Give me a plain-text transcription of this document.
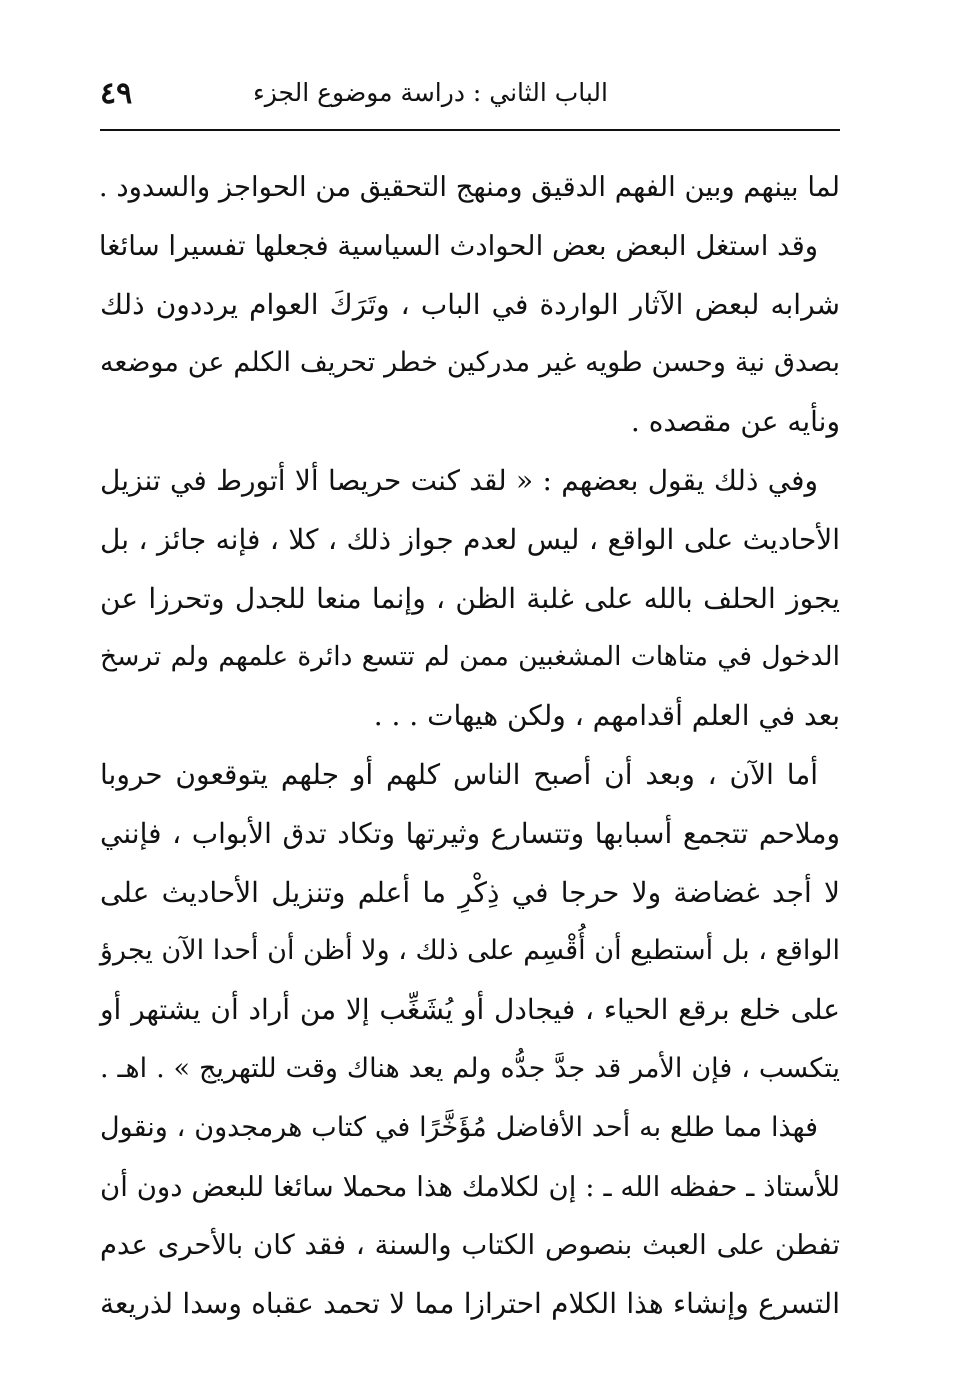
الباب الثاني : دراسة موضوع الجزء
٤٩
لما بينهم وبين الفهم الدقيق ومنهج التحقيق من الحواجز والسدود .
وقد استغل البعض بعض الحوادث السياسية فجعلها تفسيرا سائغا
شرابه لبعض الآثار الواردة في الباب ، وتَرَكَ العوام يرددون ذلك
بصدق نية وحسن طويه غير مدركين خطر تحريف الكلم عن موضعه
ونأيه عن مقصده .
وفي ذلك يقول بعضهم : « لقد كنت حريصا ألا أتورط في تنزيل
الأحاديث على الواقع ، ليس لعدم جواز ذلك ، كلا ، فإنه جائز ، بل
يجوز الحلف بالله على غلبة الظن ، وإنما منعا للجدل وتحرزا عن
الدخول في متاهات المشغبين ممن لم تتسع دائرة علمهم ولم ترسخ
بعد في العلم أقدامهم ، ولكن هيهات . . .
أما الآن ، وبعد أن أصبح الناس كلهم أو جلهم يتوقعون حروبا
وملاحم تتجمع أسبابها وتتسارع وثيرتها وتكاد تدق الأبواب ، فإنني
لا أجد غضاضة ولا حرجا في ذِكْرِ ما أعلم وتنزيل الأحاديث على
الواقع ، بل أستطيع أن أُقْسِم على ذلك ، ولا أظن أن أحدا الآن يجرؤ
على خلع برقع الحياء ، فيجادل أو يُشَغِّب إلا من أراد أن يشتهر أو
يتكسب ، فإن الأمر قد جدَّ جدُّه ولم يعد هناك وقت للتهريج » . اهـ .
فهذا مما طلع به أحد الأفاضل مُؤَخَّرًا في كتاب هرمجدون ، ونقول
للأستاذ ـ حفظه الله ـ : إن لكلامك هذا محملا سائغا للبعض دون أن
تفطن على العبث بنصوص الكتاب والسنة ، فقد كان بالأحرى عدم
التسرع وإنشاء هذا الكلام احترازا مما لا تحمد عقباه وسدا لذريعة
